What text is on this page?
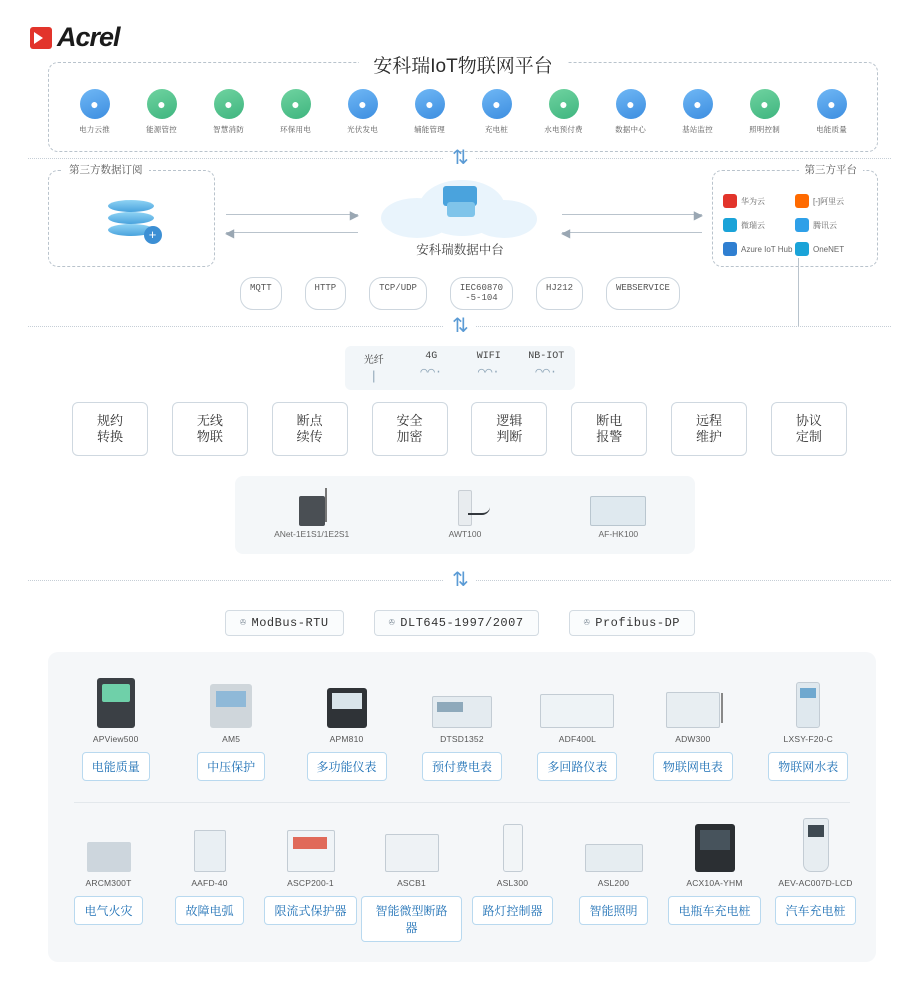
Acrel
安科瑞IoT物联网平台
●
电力云推
●
能源管控
●
智慧消防
●
环保用电
●
光伏发电
●
辅能管理
●
充电桩
●
水电预付费
●
数据中心
●
基站监控
●
照明控制
●
电能质量
⇅
第三方数据订阅
+
▶
◀
安科瑞数据中台
▶
◀
第三方平台
华为云	[-]阿里云
微瑞云	腾讯云
Azure IoT Hub	OneNET
MQTT	HTTP	TCP/UDP	IEC60870
-5-104
HJ212	WEBSERVICE
⇅
光纤
|
4G
⌒⌒·
WIFI
⌒⌒·
NB-IOT
⌒⌒·
规约
转换
无线
物联
断点
续传
安全
加密
逻辑
判断
断电
报警
远程
维护
协议
定制
ANet-1E1S1/1E2S1	AWT100	AF-HK100
⇅
✇ ModBus-RTU	✇ DLT645-1997/2007	✇ Profibus-DP
APView500
电能质量
AM5
中压保护
APM810
多功能仪表
DTSD1352
预付费电表
ADF400L
多回路仪表
ADW300
物联网电表
LXSY-F20-C
物联网水表
ARCM300T
电气火灾
AAFD-40
故障电弧
ASCP200-1
限流式保护器
ASCB1
智能微型断路器
ASL300
路灯控制器
ASL200
智能照明
ACX10A-YHM
电瓶车充电桩
AEV-AC007D-LCD
汽车充电桩
